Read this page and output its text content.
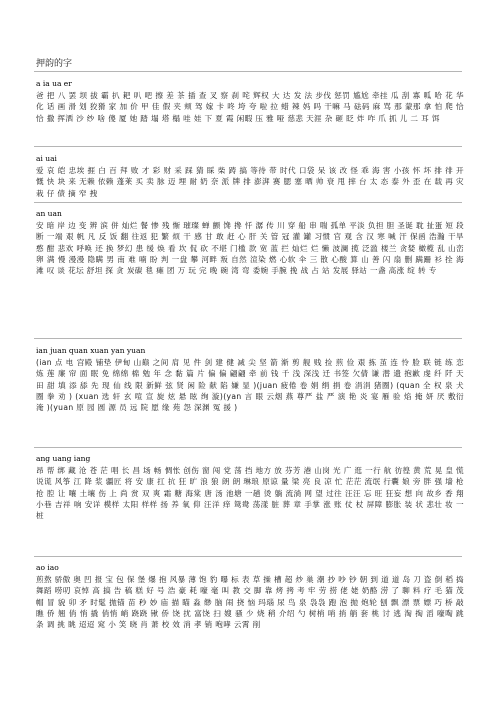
押韵的字

a ia ua er

爸 把 八 罢 坝 拔 霸 扒 耙 叭 吧 擦 差 茶 插 查 叉 察 刹 咤 辉权 大 达 发 法 步伐 惩罚 尴尬 牵挂 瓜 刮 寡 呱 哈 花 华 化 话 画 滑 划 狡猾 家 加 价 甲 佳 假 夹 颊 驾 嫁 卡 咚 垮 夸 啦 拉 蜡 辣 妈 吗 干嘛 马 砝码 麻 骂 那 蒙那 拿 怕 爬 恰恰 撒 挥洒 沙 纱 啥 傻 厦 她 踏 塌 塔 榻 哇 娃 下 夏 霞 闲暇 压 雅 哑 慈悲 天涯 杂 砸 眨 炸 咋 爪 抓 儿 二 耳 饵

ai uai

爱 哀 皑 忠埃 捱 白 百 拜 败 才 彩 财 采 踩 猜 睬 柴 踌 搞 等待 带 时代 口袋 呆 该 改 怪 乖 海 害 小孩 怀 坏 排 徘 开 慨 快 块 来 无赖 依赖 蓬莱 买 卖 脉 迈 埋 耐 奶 奈 派 牌 排 澎湃 赛 腮 塞 晒 帅 衰 甩 摔 台 太 态 泰 外 歪 在 载 再 灾 栽 仔 债 摘 窄 拽

an uan

安 暗 岸 边 变 辨 滨 併 灿烂 餐 惨 残 惭 璀璨 蝉 颤 馋 搀 忏 潺 传 川 穿 船 串 喘 孤单 平淡 负担 胆 圣诞 耽 扯蛋 短 段 断 一端 艰 帆 凡 反 饭 翻 往返 犯 繁 烦 干 感 甘 敢 赶 心 肝 关 管 冠 灌 罐 习惯 官 观 含 汉 寒 喊 汗 保函 浩瀚 干旱 憨 酣 悲欢 呼唤 还 换 梦幻 患 缓 焕 看 坎 侃 砍 不堪 门槛 款 宽 蓝 拦 灿烂 烂 懒 波澜 揽 泛滥 楼兰 贪婪 橄榄 乱 山峦 卵 满 慢 漫漫 隐瞒 男 南 难 喃 盼 判 一盘 攀 河畔 叛 自然 渲染 燃 心软 伞 三 散 心酸 算 山 善 闪 扇 删 蹒跚 衫 拴 海滩 叹 谈 花坛 舒坦 探 贪 炭碳 毯 瘫 团 万 玩 完 晚 碗 湾 弯 委婉 手腕 挽 战 占 站 发展 驿站 一盏 高涨 绽 转 专

ian juan quan xuan yan yuan

(ian 点 电 宫殿 铺垫 伊甸 山巅 之间 肩 见 件 剑 建 健 减 尖 坚 箭 渐 剪 舰 贱 捡 煎 俭 艰 拣 茧 连 怜 脸 联 链 练 恋 炼 莲 廉 帘 面 眠 免 绵绵 棉 勉 年 念 黏 篇 片 偏 偏 翩翩 牵 前 钱 千 浅 深浅 迁 书签 欠倩 谦 潜 遗 抱歉 虔 纤 阡 天 田 甜 填 添 舔 先 现 仙 线 限 新鲜 弦 贤 闲 险 献 陷 嫌 显 )(juan 疲倦 卷 娟 绢 捐 卷 涓涓 猪圈) (quan 全 权 泉 犬 圈 拳 劝 ) (xuan 选 轩 玄 喧 宣 旋 炫 悬 眩 绚 漩)(yan 言 眼 云烟 燕 尊严 盐 严 演 艳 炎 宴 雁 验 焰 掩 妍 厌 敷衍 淹 )(yuan 原 园 圆 源 员 远 院 愿 缘 苑 怨 深渊 冤 援 )

ang uang iang

昂 帮 绑 藏 沧 苍 茫 唱 长 昌 场 畅 惆怅 创伤 窗 闯 党 荡 挡 地方 放 芬芳 港 山岗 光 广 逛 一行 航 彷徨 黄 荒 晃 皇 慌 说谎 风筝 江 降 浆 疆匠 将 安 康 扛 抗 狂 旷 浪 狼 朗 朗 琳琅 原谅 量 梁 亮 良 凉 忙 茫茫 流氓 行囊 娘 旁 胖 强 墙 枪 抢 腔 让 嚷 土壤 伤 上 尚 赏 双 爽 霜 糖 海棠 唐 汤 池塘 一趟 烫 躺 流淌 网 望 过往 汪汪 忘 旺 狂妄 想 向 故乡 香 翔 小巷 吉祥 响 安详 模样 太阳 样样 扬 养 氧 仰 汪洋 痒 鸳鸯 荡漾 脏 葬 章 手掌 涨 账 仗 杖 屏障 膨胀 装 状 悲壮 妆 一桩

ao iao

煎熬 骄傲 奥 凹 报 宝 包 保 堡 爆 抱 风暴 薄 饱 豹 曝 标 表 草 操 槽 超 炒 巢 潮 抄 吵 钞 朝 到 道 道 岛 刀 盗 倒 稻 捣 舞蹈 唠叨 哀悼 高 搞 告 稿 糕 好 号 浩 豪 耗 嚎 毫 叫 教 交 脚 靠 烤 拷 考 牢 劳 捞 佬 姥 奶酪 涝 了 聊 料 疗 毛 猫 茂 帽 冒 貌 卯 矛 时髦 抛锚 苗 秒 妙 庙 描 瞄 淼 缈 脑 闹 挠 恼 玛瑙 尿 鸟 泉 袅袅 跑 泡 抛 炮轮 刨 飘 漂 票 嫖 巧 桥 敲 瞧 侨 翘 俏 悄 撬 俏悄 峭 跷跷 锹 侨 饶 扰 富饶 扫 嫂 骚 少 烧 稍 介绍 勺 树梢 哨 捎 艄 套 桃 讨 逃 淘 掏 滔 嚎啕 跳 条 调 挑 眺 迢迢 窕 小 笑 晓 肖 萧 校 效 消 孝 销 咆哮 云霄 削
